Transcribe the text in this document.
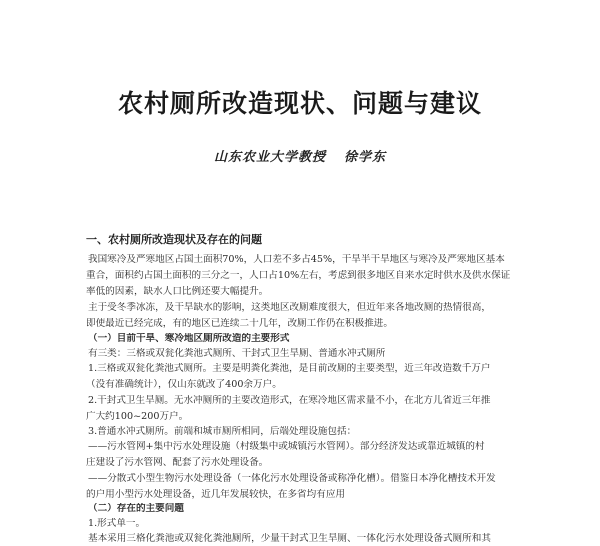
农村厕所改造现状、问题与建议
山东农业大学教授 徐学东
一、农村厕所改造现状及存在的问题
我国寒冷及严寒地区占国土面积70%，人口差不多占45%，干旱半干旱地区与寒冷及严寒地区基本
重合，面积约占国土面积的三分之一，人口占10%左右，考虑到很多地区自来水定时供水及供水保证
率低的因素，缺水人口比例还要大幅提升。
主于受冬季冰冻，及干旱缺水的影响，这类地区改厕难度很大，但近年来各地改厕的热情很高，
即使最近已经完成，有的地区已连续二十几年，改厕工作仍在积极推进。
（一）目前干旱、寒冷地区厕所改造的主要形式
有三类：三格或双瓮化粪池式厕所、干封式卫生旱厕、普通水冲式厕所
1.三格或双瓮化粪池式厕所。主要是明粪化粪池，是目前改厕的主要类型，近三年改造数千万户
（没有准确统计），仅山东就改了400余万户。
2.干封式卫生旱厕。无水冲厕所的主要改造形式，在寒冷地区需求量不小，在北方儿省近三年推
广大约100~200万户。
3.普通水冲式厕所。前端和城市厕所相同，后端处理设施包括：
——污水管网+集中污水处理设施（村级集中或城镇污水管网）。部分经济发达或靠近城镇的村
庄建设了污水管网、配套了污水处理设备。
——分散式小型生物污水处理设备（一体化污水处理设备或称净化槽）。借鉴日本净化槽技术开发
的户用小型污水处理设备，近几年发展较快，在多省均有应用
（二）存在的主要问题
1.形式单一。
基本采用三格化粪池或双瓮化粪池厕所，少量干封式卫生旱厕、一体化污水处理设备式厕所和其
